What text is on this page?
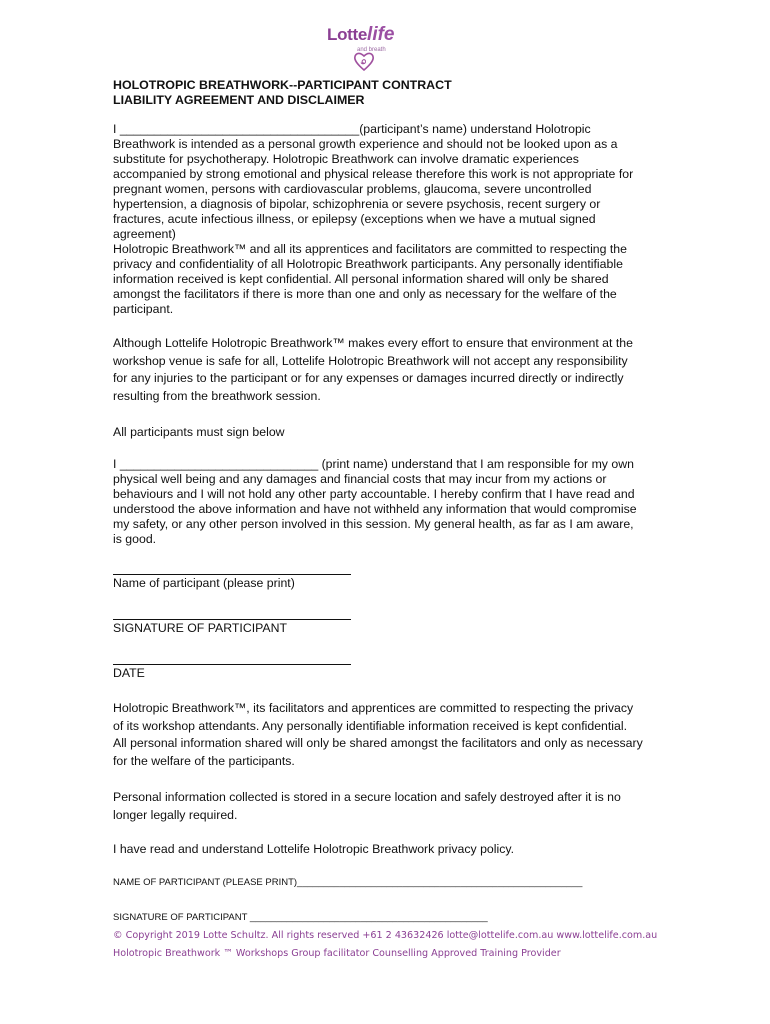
Lottelife
and breath
HOLOTROPIC BREATHWORK--PARTICIPANT CONTRACT
LIABILITY AGREEMENT AND DISCLAIMER
I ___________________________________(participant’s name) understand Holotropic
Breathwork is intended as a personal growth experience and should not be looked upon as a
substitute for psychotherapy. Holotropic Breathwork can involve dramatic experiences
accompanied by strong emotional and physical release therefore this work is not appropriate for
pregnant women, persons with cardiovascular problems, glaucoma, severe uncontrolled
hypertension, a diagnosis of bipolar, schizophrenia or severe psychosis, recent surgery or
fractures, acute infectious illness, or epilepsy (exceptions when we have a mutual signed
agreement)
Holotropic Breathwork™ and all its apprentices and facilitators are committed to respecting the
privacy and confidentiality of all Holotropic Breathwork participants. Any personally identifiable
information received is kept confidential. All personal information shared will only be shared
amongst the facilitators if there is more than one and only as necessary for the welfare of the
participant.
Although Lottelife Holotropic Breathwork™ makes every effort to ensure that environment at the
workshop venue is safe for all, Lottelife Holotropic Breathwork will not accept any responsibility
for any injuries to the participant or for any expenses or damages incurred directly or indirectly
resulting from the breathwork session.
All participants must sign below
I _____________________________ (print name) understand that I am responsible for my own
physical well being and any damages and financial costs that may incur from my actions or
behaviours and I will not hold any other party accountable. I hereby confirm that I have read and
understood the above information and have not withheld any information that would compromise
my safety, or any other person involved in this session. My general health, as far as I am aware,
is good.
Name of participant (please print)
SIGNATURE OF PARTICIPANT
DATE
Holotropic Breathwork™, its facilitators and apprentices are committed to respecting the privacy
of its workshop attendants. Any personally identifiable information received is kept confidential.
All personal information shared will only be shared amongst the facilitators and only as necessary
for the welfare of the participants.
Personal information collected is stored in a secure location and safely destroyed after it is no
longer legally required.
I have read and understand Lottelife Holotropic Breathwork privacy policy.
NAME OF PARTICIPANT (PLEASE PRINT)______________________________________________________
SIGNATURE OF PARTICIPANT _____________________________________________
© Copyright 2019 Lotte Schultz. All rights reserved +61 2 43632426 lotte@lottelife.com.au www.lottelife.com.au
Holotropic Breathwork ™ Workshops Group facilitator Counselling Approved Training Provider
